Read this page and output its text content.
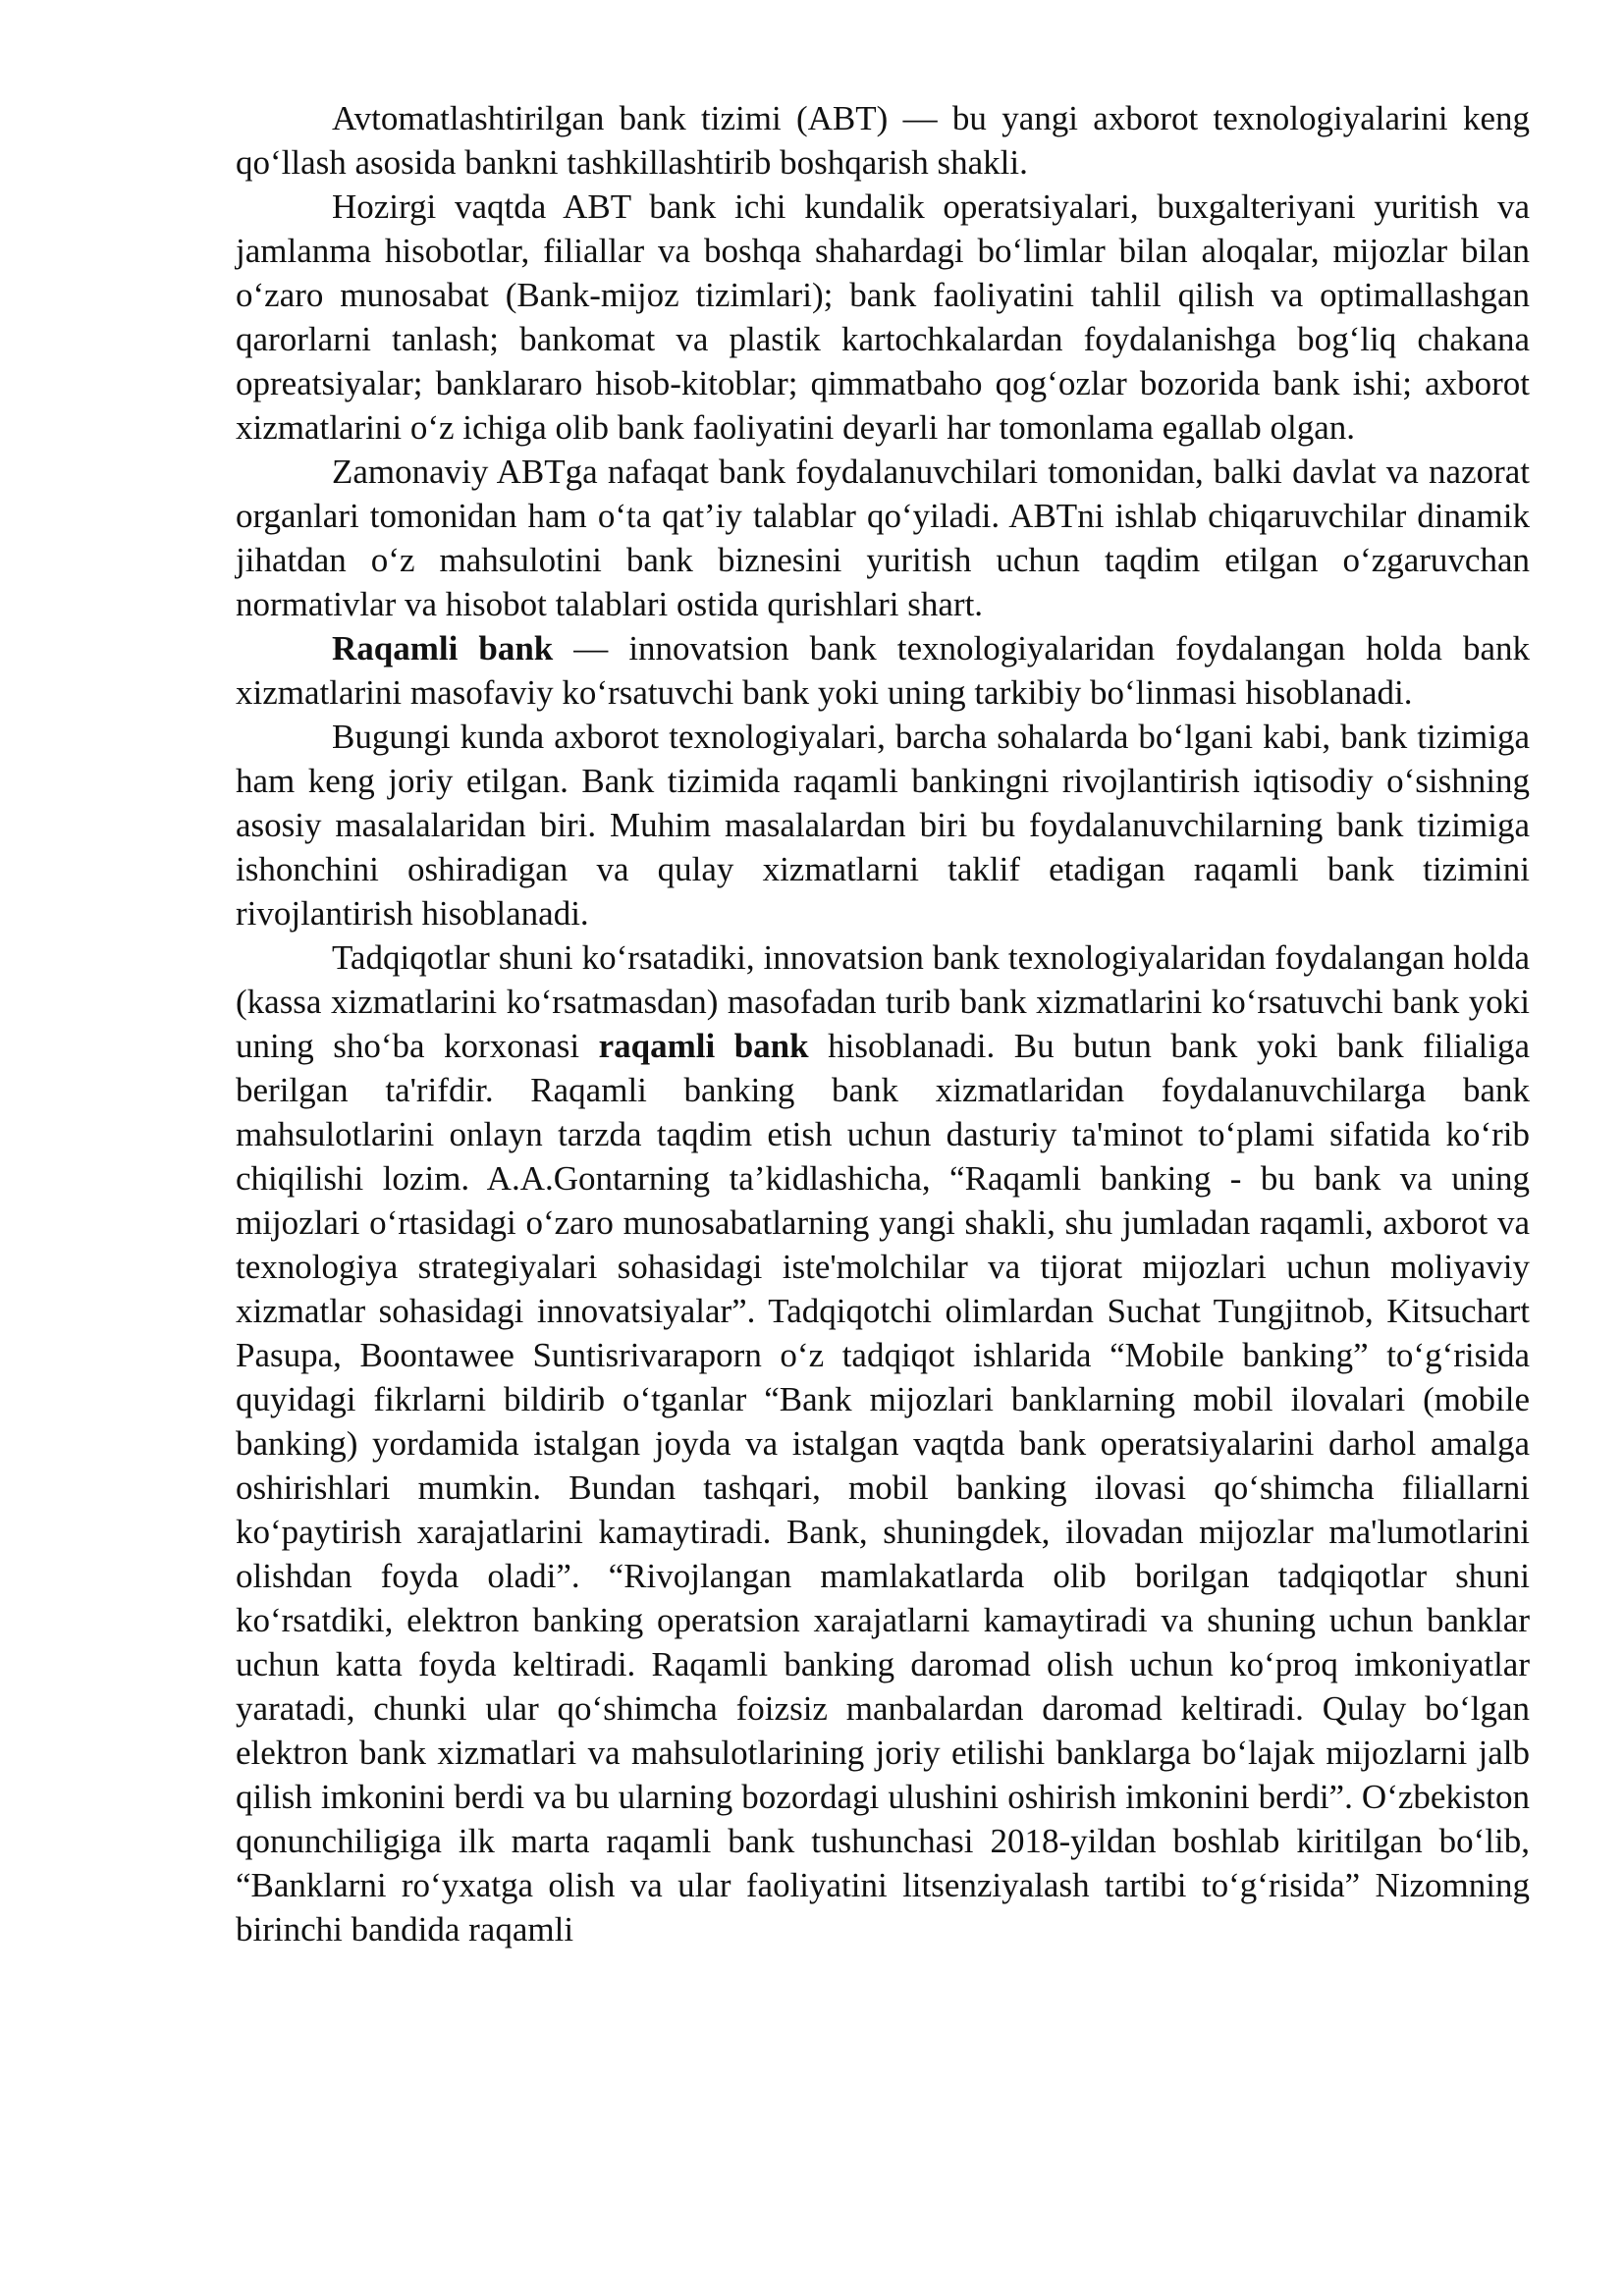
Avtomatlashtirilgan bank tizimi (ABT) — bu yangi axborot texnologiyalarini keng qo‘llash asosida bankni tashkillashtirib boshqarish shakli.

Hozirgi vaqtda ABT bank ichi kundalik operatsiyalari, buxgalteriyani yuritish va jamlanma hisobotlar, filiallar va boshqa shahardagi bo‘limlar bilan aloqalar, mijozlar bilan o‘zaro munosabat (Bank-mijoz tizimlari); bank faoliyatini tahlil qilish va optimallashgan qarorlarni tanlash; bankomat va plastik kartochkalardan foydalanishga bog‘liq chakana opreatsiyalar; banklararo hisob-kitoblar; qimmatbaho qog‘ozlar bozorida bank ishi; axborot xizmatlarini o‘z ichiga olib bank faoliyatini deyarli har tomonlama egallab olgan.

Zamonaviy ABTga nafaqat bank foydalanuvchilari tomonidan, balki davlat va nazorat organlari tomonidan ham o‘ta qat’iy talablar qo‘yiladi. ABTni ishlab chiqaruvchilar dinamik jihatdan o‘z mahsulotini bank biznesini yuritish uchun taqdim etilgan o‘zgaruvchan normativlar va hisobot talablari ostida qurishlari shart.

Raqamli bank — innovatsion bank texnologiyalaridan foydalangan holda bank xizmatlarini masofaviy ko‘rsatuvchi bank yoki uning tarkibiy bo‘linmasi hisoblanadi.

Bugungi kunda axborot texnologiyalari, barcha sohalarda bo‘lgani kabi, bank tizimiga ham keng joriy etilgan. Bank tizimida raqamli bankingni rivojlantirish iqtisodiy o‘sishning asosiy masalalaridan biri. Muhim masalalardan biri bu foydalanuvchilarning bank tizimiga ishonchini oshiradigan va qulay xizmatlarni taklif etadigan raqamli bank tizimini rivojlantirish hisoblanadi.

Tadqiqotlar shuni ko‘rsatadiki, innovatsion bank texnologiyalaridan foydalangan holda (kassa xizmatlarini ko‘rsatmasdan) masofadan turib bank xizmatlarini ko‘rsatuvchi bank yoki uning sho‘ba korxonasi raqamli bank hisoblanadi. Bu butun bank yoki bank filialiga berilgan ta'rifdir. Raqamli banking bank xizmatlaridan foydalanuvchilarga bank mahsulotlarini onlayn tarzda taqdim etish uchun dasturiy ta'minot to‘plami sifatida ko‘rib chiqilishi lozim. A.A.Gontarning ta’kidlashicha, “Raqamli banking - bu bank va uning mijozlari o‘rtasidagi o‘zaro munosabatlarning yangi shakli, shu jumladan raqamli, axborot va texnologiya strategiyalari sohasidagi iste'molchilar va tijorat mijozlari uchun moliyaviy xizmatlar sohasidagi innovatsiyalar”. Tadqiqotchi olimlardan Suchat Tungjitnob, Kitsuchart Pasupa, Boontawee Suntisrivaraporn o‘z tadqiqot ishlarida “Mobile banking” to‘g‘risida quyidagi fikrlarni bildirib o‘tganlar “Bank mijozlari banklarning mobil ilovalari (mobile banking) yordamida istalgan joyda va istalgan vaqtda bank operatsiyalarini darhol amalga oshirishlari mumkin. Bundan tashqari, mobil banking ilovasi qo‘shimcha filiallarni ko‘paytirish xarajatlarini kamaytiradi. Bank, shuningdek, ilovadan mijozlar ma'lumotlarini olishdan foyda oladi”. “Rivojlangan mamlakatlarda olib borilgan tadqiqotlar shuni ko‘rsatdiki, elektron banking operatsion xarajatlarni kamaytiradi va shuning uchun banklar uchun katta foyda keltiradi. Raqamli banking daromad olish uchun ko‘proq imkoniyatlar yaratadi, chunki ular qo‘shimcha foizsiz manbalardan daromad keltiradi. Qulay bo‘lgan elektron bank xizmatlari va mahsulotlarining joriy etilishi banklarga bo‘lajak mijozlarni jalb qilish imkonini berdi va bu ularning bozordagi ulushini oshirish imkonini berdi”. O‘zbekiston qonunchiligiga ilk marta raqamli bank tushunchasi 2018-yildan boshlab kiritilgan bo‘lib, “Banklarni ro‘yxatga olish va ular faoliyatini litsenziyalash tartibi to‘g‘risida” Nizomning birinchi bandida raqamli
